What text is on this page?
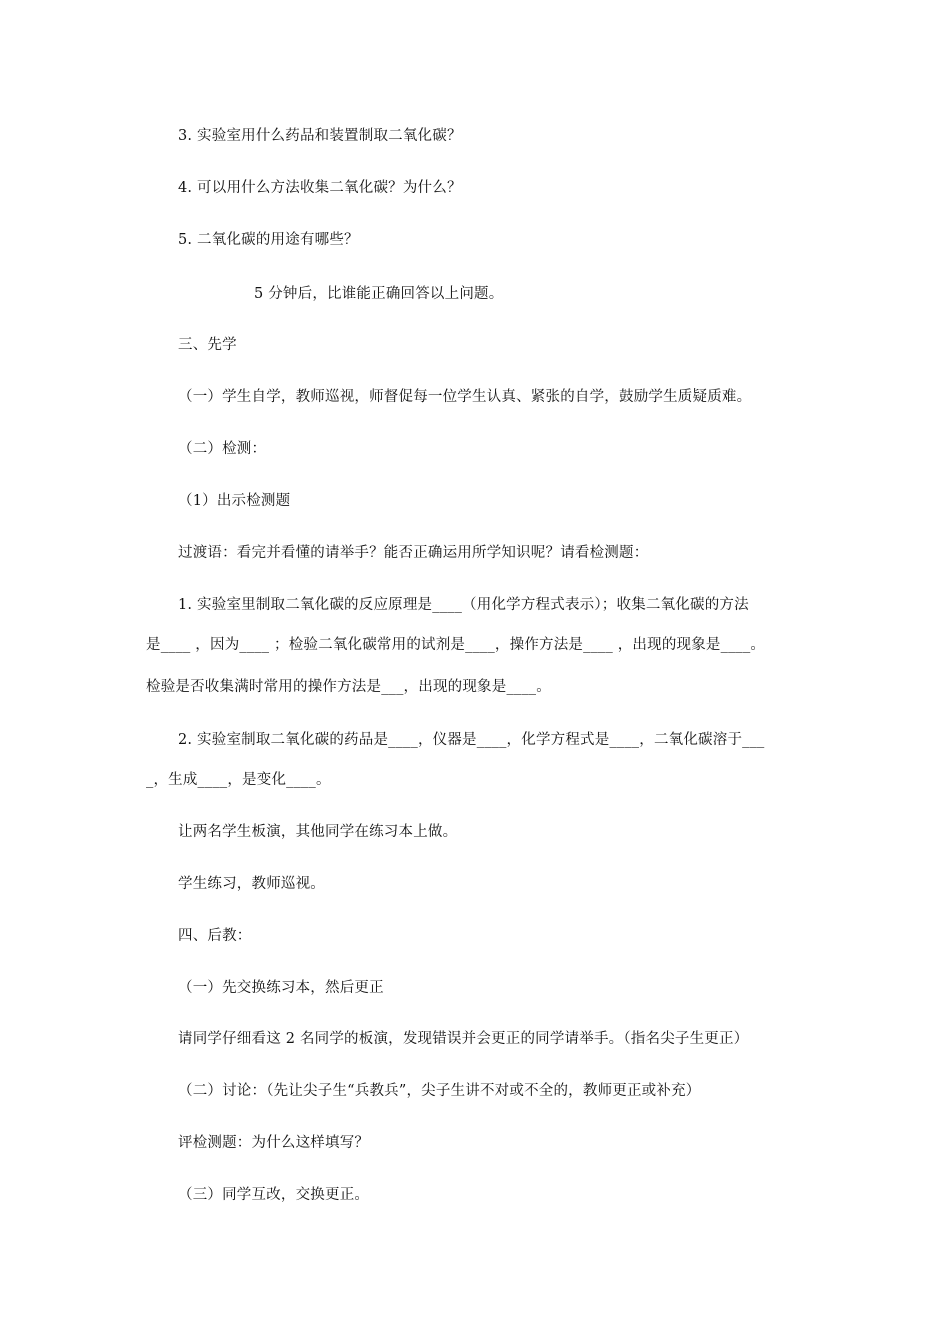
3. 实验室用什么药品和装置制取二氧化碳？
4. 可以用什么方法收集二氧化碳？为什么？
5. 二氧化碳的用途有哪些？
5 分钟后，比谁能正确回答以上问题。
三、先学
（一）学生自学，教师巡视，师督促每一位学生认真、紧张的自学，鼓励学生质疑质难。
（二）检测：
（1）出示检测题
过渡语：看完并看懂的请举手？能否正确运用所学知识呢？请看检测题：
1. 实验室里制取二氧化碳的反应原理是____（用化学方程式表示）；收集二氧化碳的方法
是____ ，因为____ ；检验二氧化碳常用的试剂是____，操作方法是____ ，出现的现象是____。
检验是否收集满时常用的操作方法是___，出现的现象是____。
2. 实验室制取二氧化碳的药品是____，仪器是____，化学方程式是____，二氧化碳溶于___
_，生成____，是变化____。
让两名学生板演，其他同学在练习本上做。
学生练习，教师巡视。
四、后教：
（一）先交换练习本，然后更正
请同学仔细看这 2 名同学的板演，发现错误并会更正的同学请举手。（指名尖子生更正）
（二）讨论：（先让尖子生“兵教兵”，尖子生讲不对或不全的，教师更正或补充）
评检测题：为什么这样填写？
（三）同学互改，交换更正。
